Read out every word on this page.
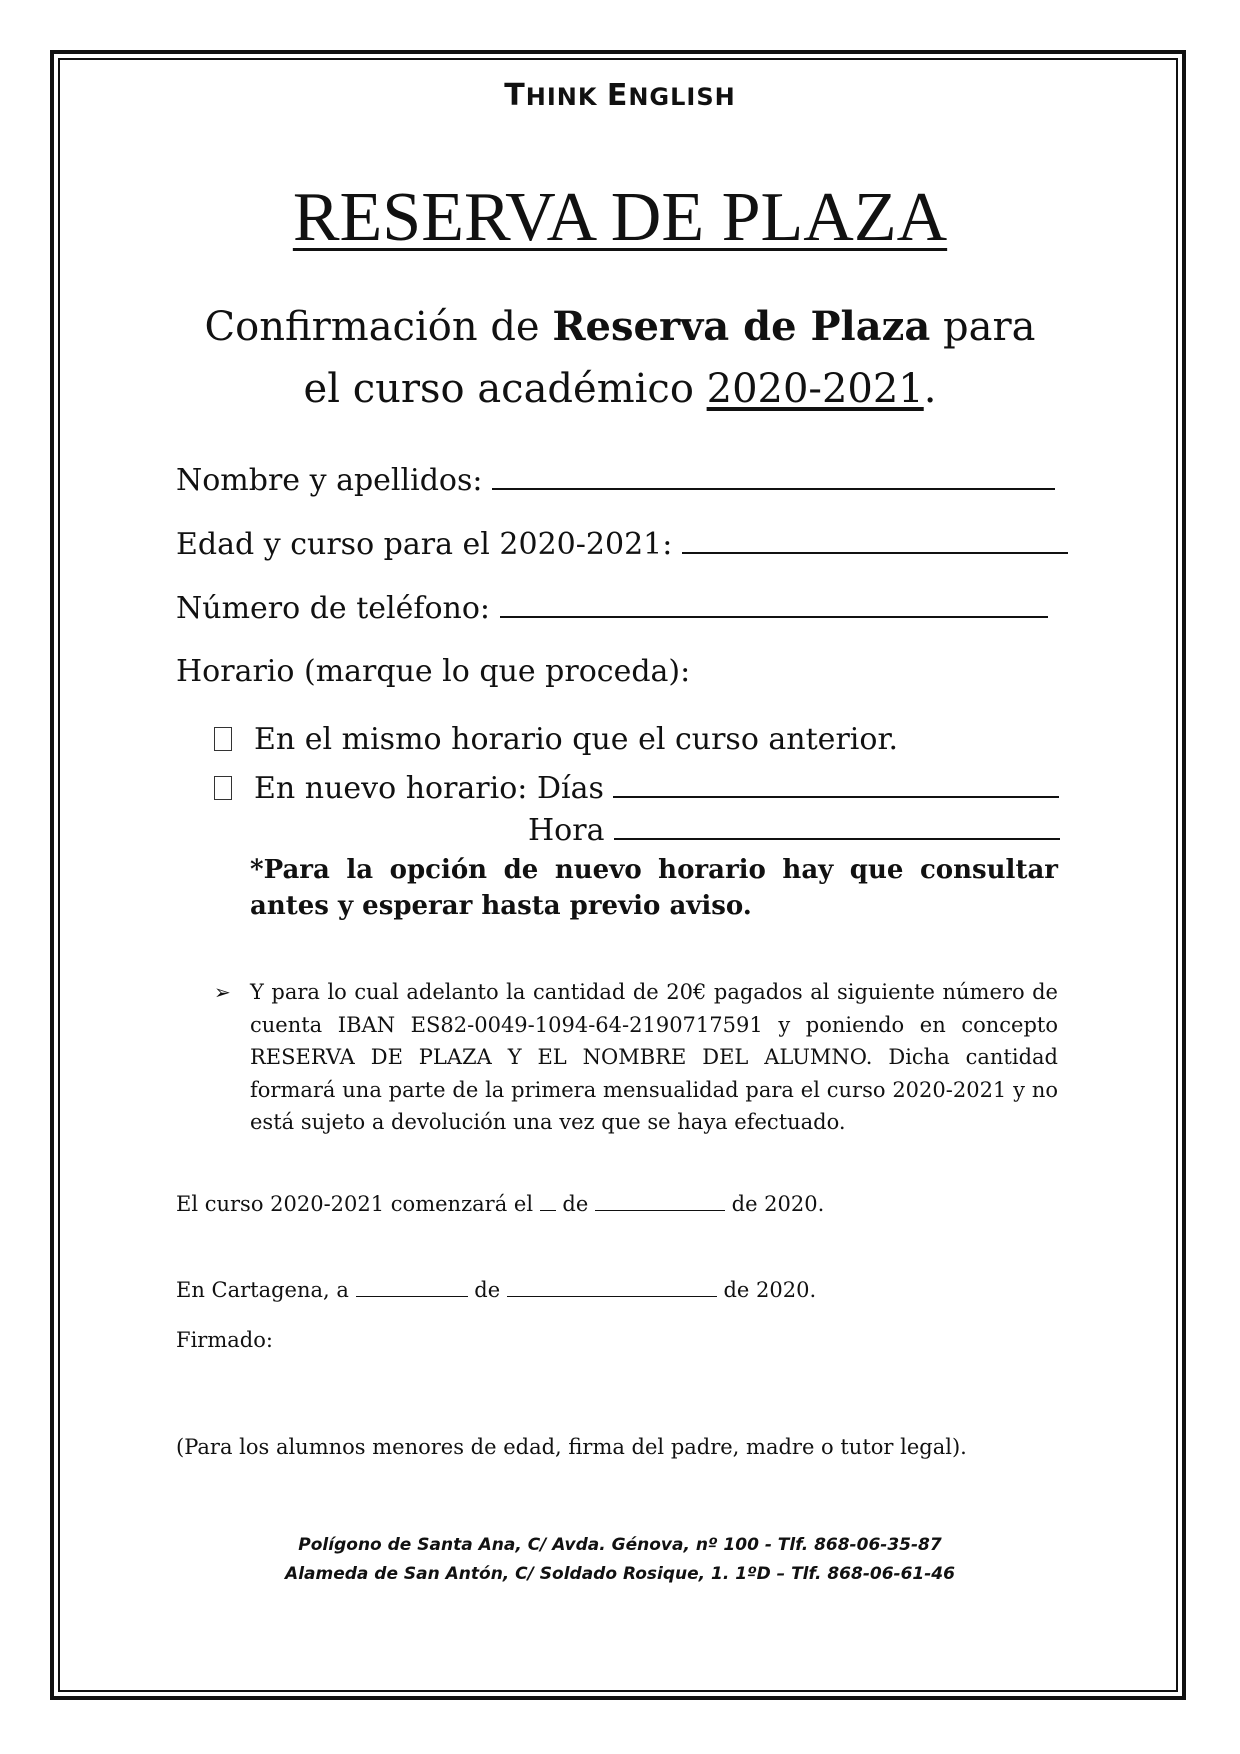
THINK ENGLISH
RESERVA DE PLAZA
Confirmación de Reserva de Plaza para
el curso académico 2020-2021.
Nombre y apellidos:
Edad y curso para el 2020-2021:
Número de teléfono:
Horario (marque lo que proceda):
En el mismo horario que el curso anterior.
En nuevo horario: Días
Hora
*Para la opción de nuevo horario hay que consultar antes y esperar hasta previo aviso.
➢ Y para lo cual adelanto la cantidad de 20€ pagados al siguiente número de cuenta IBAN ES82-0049-1094-64-2190717591 y poniendo en concepto RESERVA DE PLAZA Y EL NOMBRE DEL ALUMNO. Dicha cantidad formará una parte de la primera mensualidad para el curso 2020-2021 y no está sujeto a devolución una vez que se haya efectuado.
El curso 2020-2021 comenzará el  de	de 2020.
En Cartagena, a	de	de 2020.
Firmado:
(Para los alumnos menores de edad, firma del padre, madre o tutor legal).
Polígono de Santa Ana, C/ Avda. Génova, nº 100 - Tlf. 868-06-35-87
Alameda de San Antón, C/ Soldado Rosique, 1. 1ºD – Tlf. 868-06-61-46
